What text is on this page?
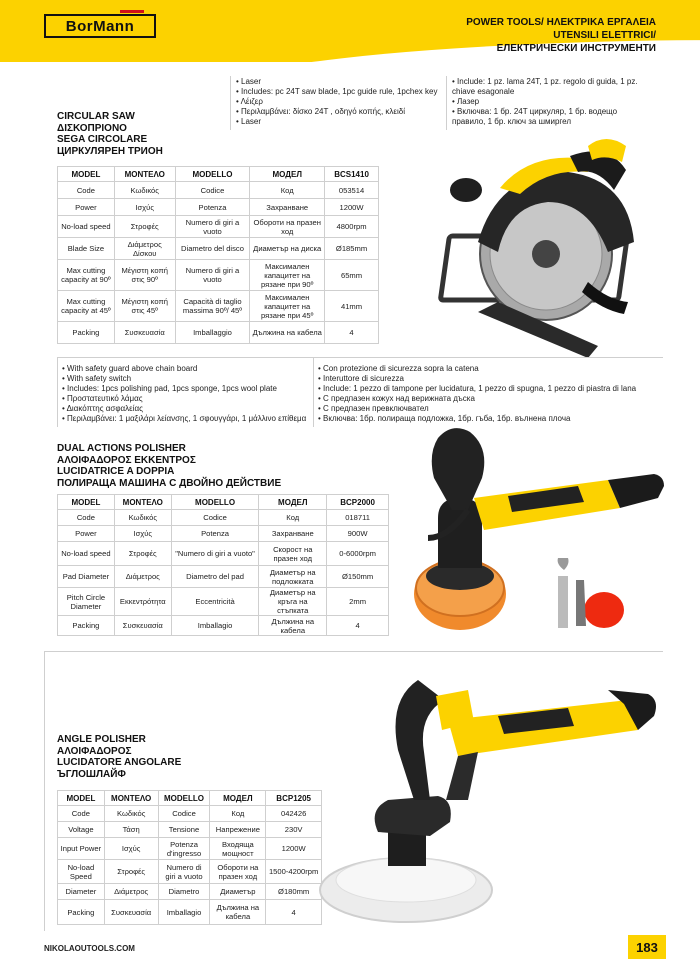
BorMann	POWER TOOLS/ ΗΛΕΚΤΡΙΚΑ ΕΡΓΑΛΕΙΑ
UTENSILI ELETTRICI/
ЕЛЕКТРИЧЕСКИ ИНСТРУМЕНТИ
• Laser
• Includes: pc 24T saw blade, 1pc guide rule, 1pchex key
• Λέιζερ
• Περιλαμβάνει: δίσκο 24T , οδηγό κοπής, κλειδί
• Laser
• Include: 1 pz. lama 24T, 1 pz. regolo di guida, 1 pz.
chiave esagonale
• Лазер
• Включва: 1 бр. 24T циркуляр, 1 бр. водещо
правило, 1 бр. ключ за шмиргел
CIRCULAR SAW
ΔΙΣΚΟΠΡΙΟΝΟ
SEGA CIRCOLARE
ЦИРКУЛЯРЕН ТРИОН
MODEL	ΜΟΝΤΕΛΟ	MODELLO	МОДЕЛ	BCS1410
Code	Κωδικός	Codice	Код	053514
Power	Ισχύς	Potenza	Захранване	1200W
No-load speed	Στροφές	Numero di giri a vuoto	Обороти на празен ход	4800rpm
Blade Size	Διάμετρος Δίσκου	Diametro del disco	Диаметър на диска	Ø185mm
Max cutting capacity at 90º	Μέγιστη κοπή στις 90º	Numero di giri a vuoto	Максимален капацитет на рязане при 90º	65mm
Max cutting capacity at 45º	Μέγιστη κοπή στις 45º	Capacità di taglio massima 90º/ 45º	Максимален капацитет на рязане при 45º	41mm
Packing	Συσκευασία	Imballaggio	Дължина на кабела	4
• With safety guard above chain board
• With safety switch
• Includes: 1pcs polishing pad, 1pcs sponge, 1pcs wool plate
• Προστατευτικό λάμας
• Διακόπτης ασφαλείας
• Περιλαμβάνει: 1 μαξιλάρι λείανσης, 1 σφουγγάρι, 1 μάλλινο επίθεμα
• Con protezione di sicurezza sopra la catena
• Interuttore di sicurezza
• Include: 1 pezzo di tampone per lucidatura, 1 pezzo di spugna, 1 pezzo di piastra di lana
• С предпазен кожух над верижната дъска
• С предпазен превключвател
• Включва: 1бр. полираща подложка, 1бр. гъба, 1бр. вълнена плоча
DUAL ACTIONS POLISHER
ΑΛΟΙΦΑΔΟΡΟΣ ΕΚΚΕΝΤΡΟΣ
LUCIDATRICE A DOPPIA
ПОЛИРАЩА МАШИНА С ДВОЙНО ДЕЙСТВИЕ
MODEL	ΜΟΝΤΕΛΟ	MODELLO	МОДЕЛ	BCP2000
Code	Κωδικός	Codice	Код	018711
Power	Ισχύς	Potenza	Захранване	900W
No-load speed	Στροφές	"Numero di giri a vuoto"	Скорост на празен ход	0-6000rpm
Pad Diameter	Διάμετρος	Diametro del pad	Диаметър на подложката	Ø150mm
Pitch Circle Diameter	Εκκεντρότητα	Eccentricità	Диаметър на кръга на стъпката	2mm
Packing	Συσκευασία	Imballagio	Дължина на кабела	4
ANGLE POLISHER
ΑΛΟΙΦΑΔΟΡΟΣ
LUCIDATORE ANGOLARE
ЪГЛОШЛАЙФ
MODEL	ΜΟΝΤΕΛΟ	MODELLO	МОДЕЛ	BCP1205
Code	Κωδικός	Codice	Код	042426
Voltage	Τάση	Tensione	Напрежение	230V
Input Power	Ισχύς	Potenza d'ingresso	Входяща мощност	1200W
No-load Speed	Στροφές	Numero di giri a vuoto	Обороти на празен ход	1500-4200rpm
Diameter	Διάμετρος	Diametro	Диаметър	Ø180mm
Packing	Συσκευασία	Imballagio	Дължина на кабела	4
NIKOLAOUTOOLS.COM	183
